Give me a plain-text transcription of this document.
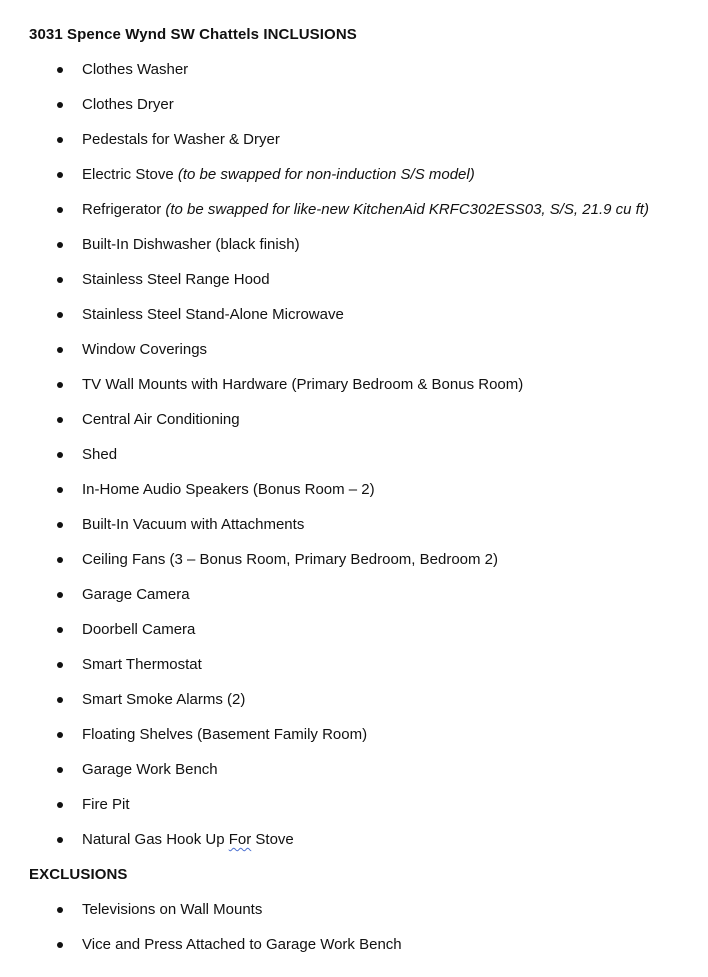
3031 Spence Wynd SW Chattels INCLUSIONS
Clothes Washer
Clothes Dryer
Pedestals for Washer & Dryer
Electric Stove (to be swapped for non-induction S/S model)
Refrigerator (to be swapped for like-new KitchenAid KRFC302ESS03, S/S, 21.9 cu ft)
Built-In Dishwasher (black finish)
Stainless Steel Range Hood
Stainless Steel Stand-Alone Microwave
Window Coverings
TV Wall Mounts with Hardware (Primary Bedroom & Bonus Room)
Central Air Conditioning
Shed
In-Home Audio Speakers (Bonus Room – 2)
Built-In Vacuum with Attachments
Ceiling Fans (3 – Bonus Room, Primary Bedroom, Bedroom 2)
Garage Camera
Doorbell Camera
Smart Thermostat
Smart Smoke Alarms (2)
Floating Shelves (Basement Family Room)
Garage Work Bench
Fire Pit
Natural Gas Hook Up For Stove
EXCLUSIONS
Televisions on Wall Mounts
Vice and Press Attached to Garage Work Bench
